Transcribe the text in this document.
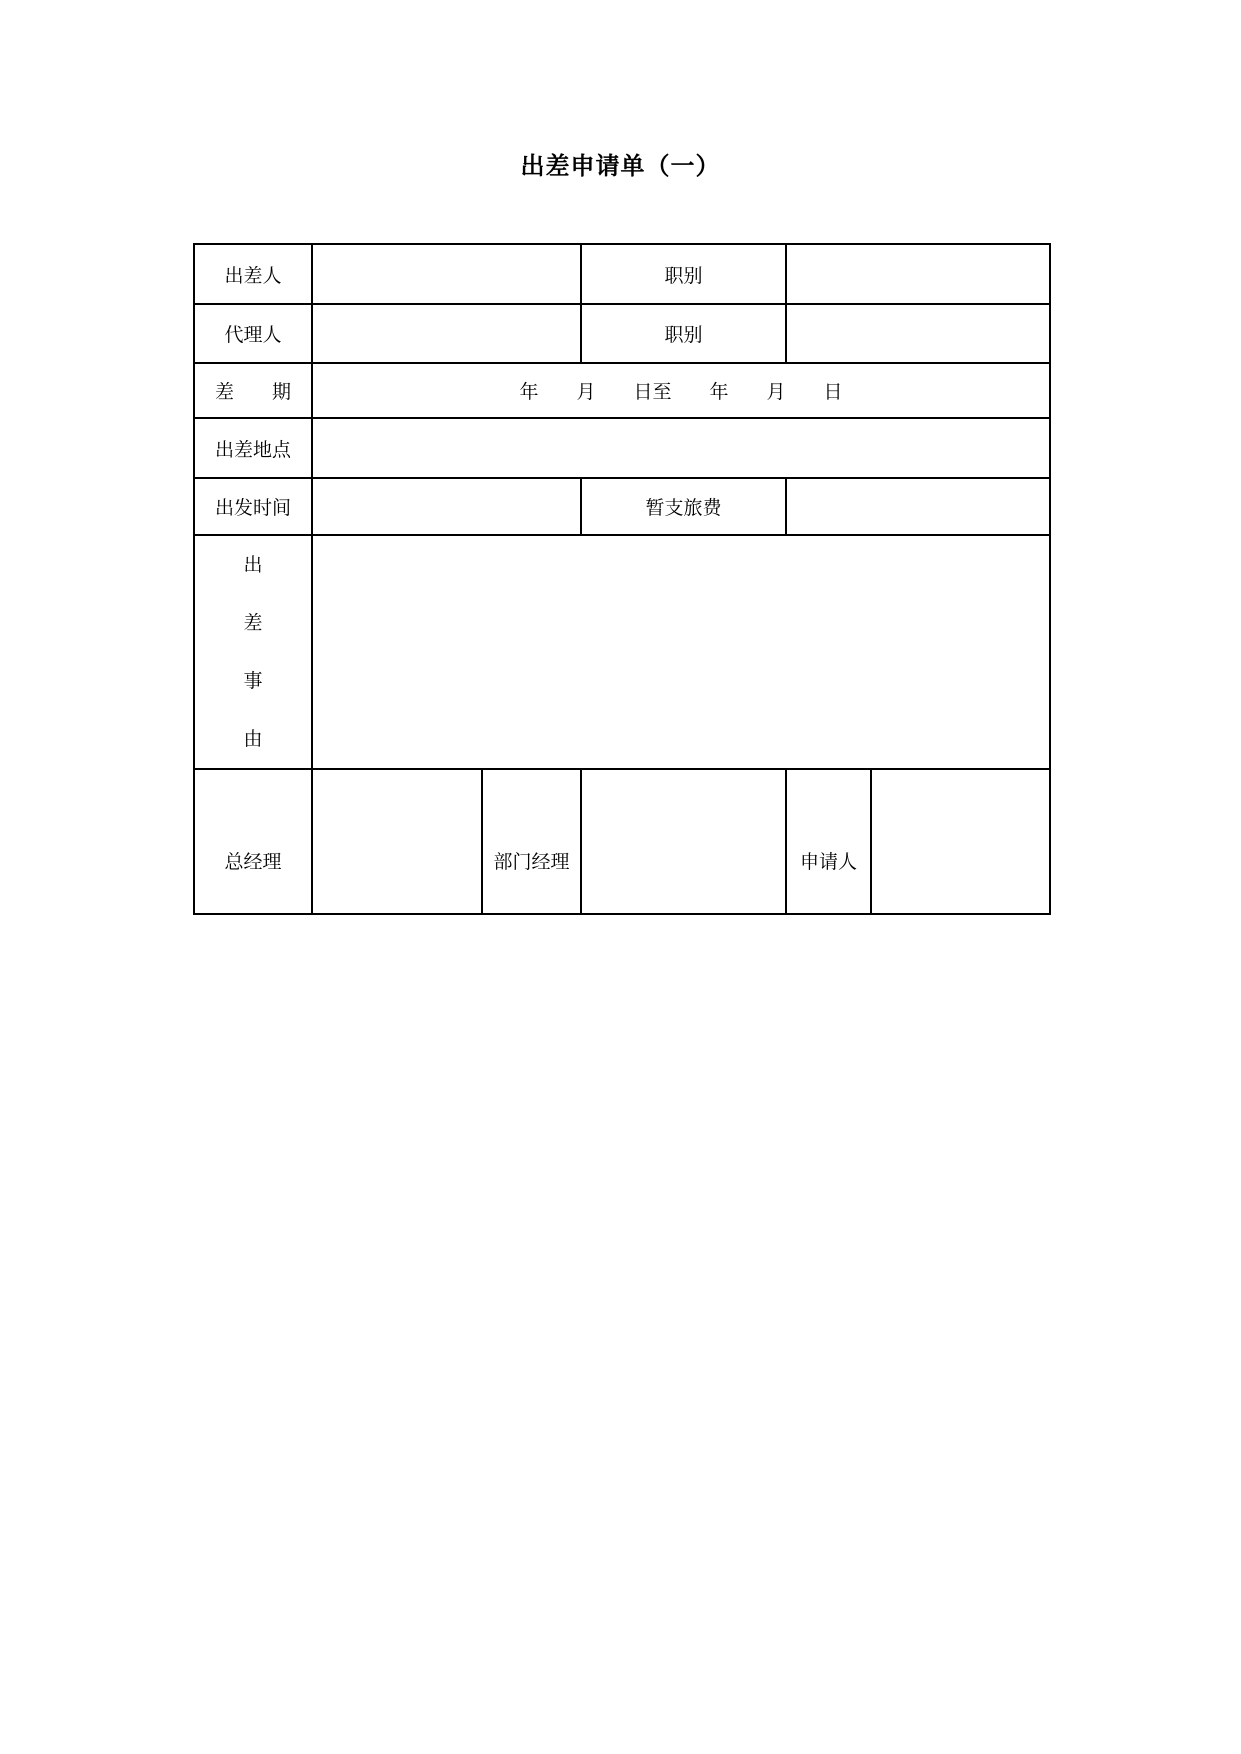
出差申请单（一）
出差人			职别		
代理人			职别		
差　　期	年　　月　　日至　　年　　月　　日				
出差地点					
出发时间			暂支旅费		

出
差
事
由					

总经理		部门经理		申请人	
